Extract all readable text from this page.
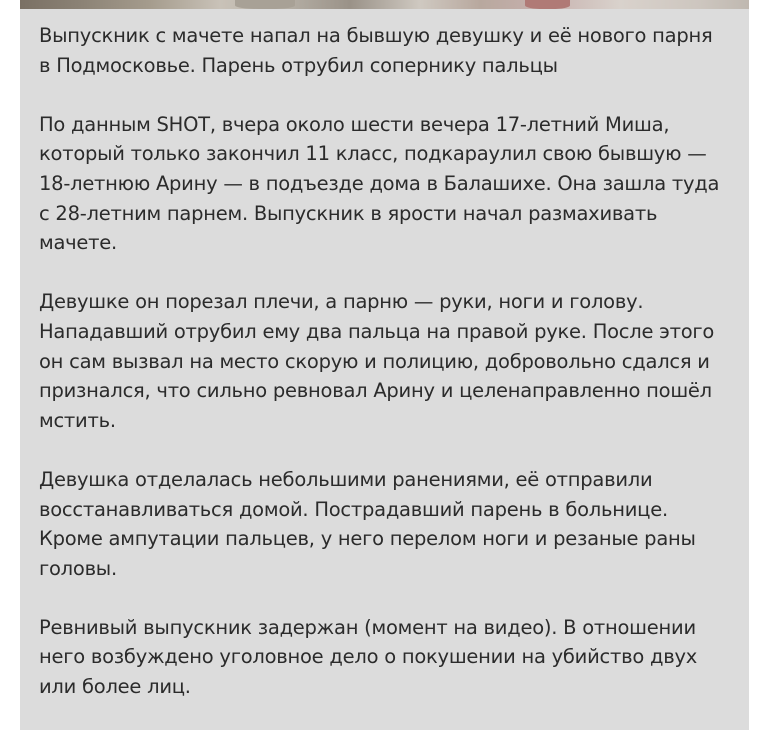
Выпускник с мачете напал на бывшую девушку и её нового парня в Подмосковье. Парень отрубил сопернику пальцы

По данным SHOT, вчера около шести вечера 17-летний Миша, который только закончил 11 класс, подкараулил свою бывшую — 18-летнюю Арину — в подъезде дома в Балашихе. Она зашла туда с 28-летним парнем. Выпускник в ярости начал размахивать мачете.

Девушке он порезал плечи, а парню — руки, ноги и голову. Нападавший отрубил ему два пальца на правой руке. После этого он сам вызвал на место скорую и полицию, добровольно сдался и признался, что сильно ревновал Арину и целенаправленно пошёл мстить.

Девушка отделалась небольшими ранениями, её отправили восстанавливаться домой. Пострадавший парень в больнице. Кроме ампутации пальцев, у него перелом ноги и резаные раны головы.

Ревнивый выпускник задержан (момент на видео). В отношении него возбуждено уголовное дело о покушении на убийство двух или более лиц.
